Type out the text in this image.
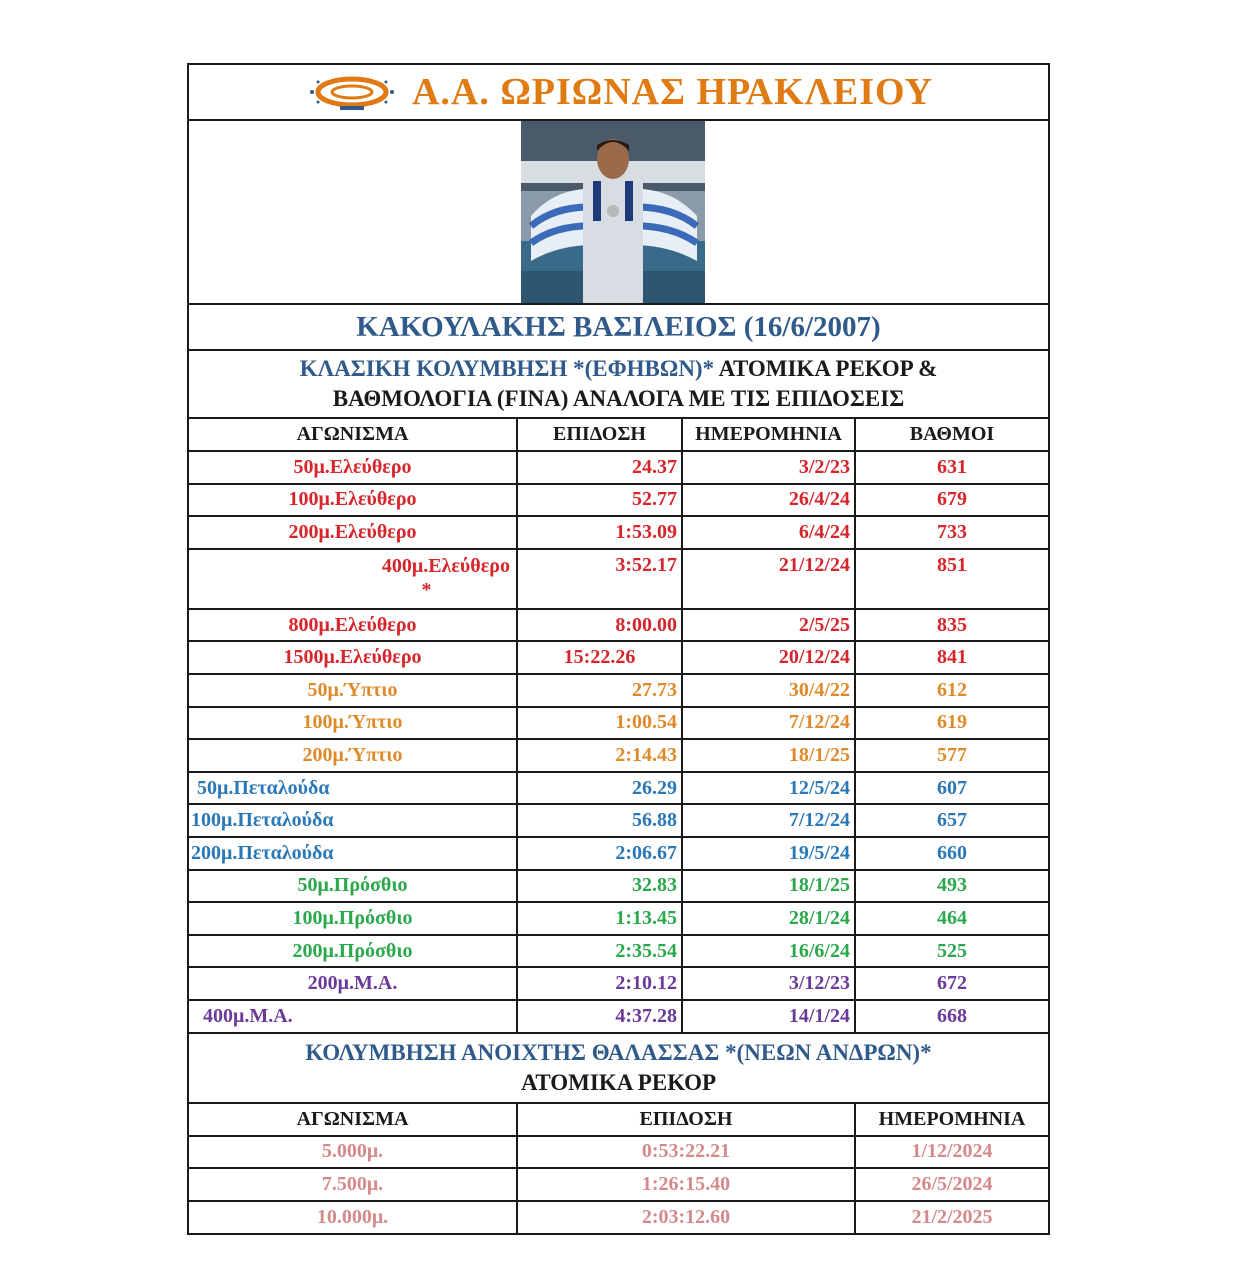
Α.Α. ΩΡΙΩΝΑΣ ΗΡΑΚΛΕΙΟΥ
ΚΑΚΟΥΛΑΚΗΣ ΒΑΣΙΛΕΙΟΣ (16/6/2007)
ΚΛΑΣΙΚΗ ΚΟΛΥΜΒΗΣΗ *(ΕΦΗΒΩΝ)* ΑΤΟΜΙΚΑ ΡΕΚΟΡ &
ΒΑΘΜΟΛΟΓΙΑ (FINA) ΑΝΑΛΟΓΑ ΜΕ ΤΙΣ ΕΠΙΔΟΣΕΙΣ
ΑΓΩΝΙΣΜΑ	ΕΠΙΔΟΣΗ	ΗΜΕΡΟΜΗΝΙΑ	ΒΑΘΜΟΙ
50μ.Ελεύθερο	24.37	3/2/23	631
100μ.Ελεύθερο	52.77	26/4/24	679
200μ.Ελεύθερο	1:53.09	6/4/24	733

400μ.Ελεύθερο
*	3:52.17	21/12/24	851
800μ.Ελεύθερο	8:00.00	2/5/25	835
1500μ.Ελεύθερο	15:22.26	20/12/24	841
50μ.Ύπτιο	27.73	30/4/22	612
100μ.Ύπτιο	1:00.54	7/12/24	619
200μ.Ύπτιο	2:14.43	18/1/25	577
50μ.Πεταλούδα	26.29	12/5/24	607
100μ.Πεταλούδα	56.88	7/12/24	657
200μ.Πεταλούδα	2:06.67	19/5/24	660
50μ.Πρόσθιο	32.83	18/1/25	493
100μ.Πρόσθιο	1:13.45	28/1/24	464
200μ.Πρόσθιο	2:35.54	16/6/24	525
200μ.Μ.Α.	2:10.12	3/12/23	672
400μ.Μ.Α.	4:37.28	14/1/24	668
ΚΟΛΥΜΒΗΣΗ ΑΝΟΙΧΤΗΣ ΘΑΛΑΣΣΑΣ *(ΝΕΩΝ ΑΝΔΡΩΝ)*
ΑΤΟΜΙΚΑ ΡΕΚΟΡ
ΑΓΩΝΙΣΜΑ	ΕΠΙΔΟΣΗ	ΗΜΕΡΟΜΗΝΙΑ
5.000μ.	0:53:22.21	1/12/2024
7.500μ.	1:26:15.40	26/5/2024
10.000μ.	2:03:12.60	21/2/2025
